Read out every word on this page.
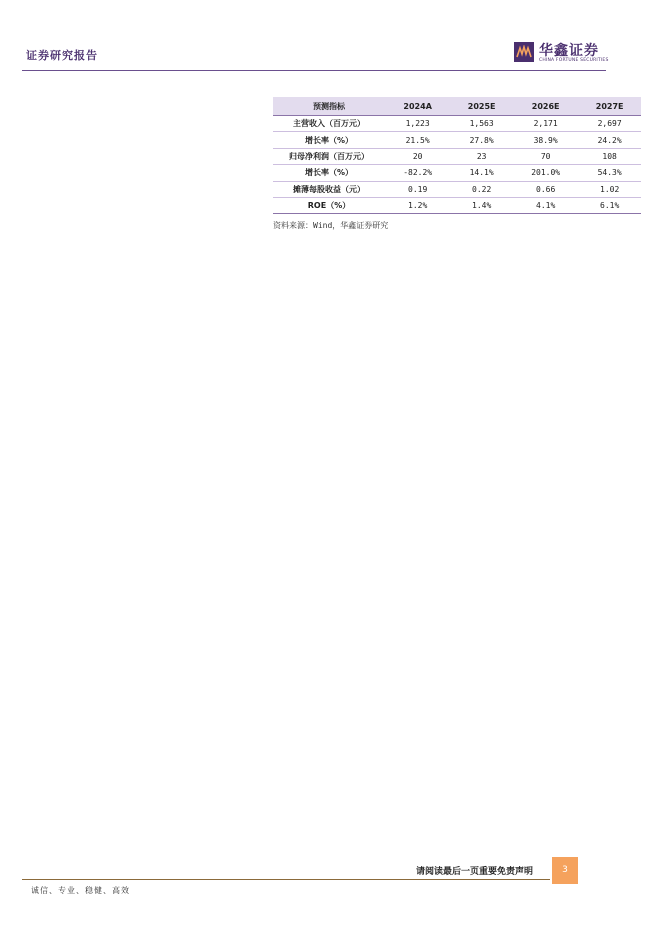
证券研究报告	华鑫证券
CHINA FORTUNE SECURITIES
预测指标	2024A	2025E	2026E	2027E
主营收入（百万元）	1,223	1,563	2,171	2,697
增长率（%）	21.5%	27.8%	38.9%	24.2%
归母净利润（百万元）	20	23	70	108
增长率（%）	-82.2%	14.1%	201.0%	54.3%
摊薄每股收益（元）	0.19	0.22	0.66	1.02
ROE（%）	1.2%	1.4%	4.1%	6.1%
资料来源：Wind，华鑫证券研究
请阅读最后一页重要免责声明	3
诚信、专业、稳健、高效
